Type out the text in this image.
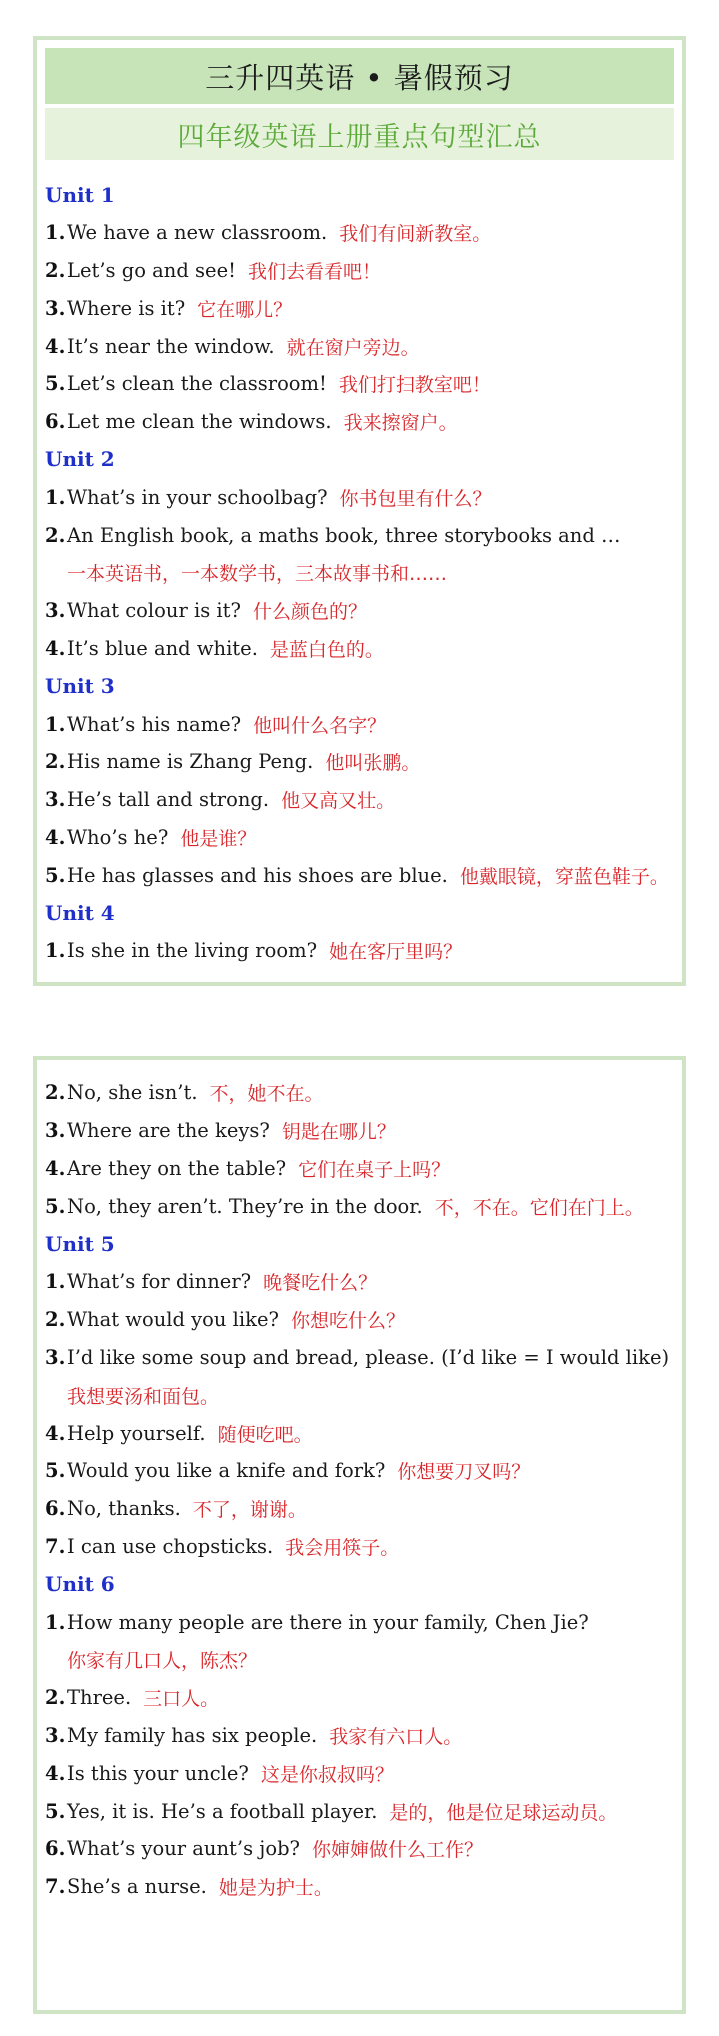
三升四英语 • 暑假预习
四年级英语上册重点句型汇总
Unit 1
1. We have a new classroom. 我们有间新教室。
2. Let’s go and see! 我们去看看吧！
3. Where is it? 它在哪儿？
4. It’s near the window. 就在窗户旁边。
5. Let’s clean the classroom! 我们打扫教室吧！
6. Let me clean the windows. 我来擦窗户。
Unit 2
1. What’s in your schoolbag? 你书包里有什么？
2. An English book, a maths book, three storybooks and …
一本英语书，一本数学书，三本故事书和……
3. What colour is it? 什么颜色的？
4. It’s blue and white. 是蓝白色的。
Unit 3
1. What’s his name? 他叫什么名字？
2. His name is Zhang Peng. 他叫张鹏。
3. He’s tall and strong. 他又高又壮。
4. Who’s he? 他是谁？
5. He has glasses and his shoes are blue. 他戴眼镜，穿蓝色鞋子。
Unit 4
1. Is she in the living room? 她在客厅里吗？
2. No, she isn’t. 不，她不在。
3. Where are the keys? 钥匙在哪儿？
4. Are they on the table? 它们在桌子上吗？
5. No, they aren’t. They’re in the door. 不，不在。它们在门上。
Unit 5
1. What’s for dinner? 晚餐吃什么？
2. What would you like? 你想吃什么？
3. I’d like some soup and bread, please. (I’d like = I would like)
我想要汤和面包。
4. Help yourself. 随便吃吧。
5. Would you like a knife and fork? 你想要刀叉吗？
6. No, thanks. 不了，谢谢。
7. I can use chopsticks. 我会用筷子。
Unit 6
1. How many people are there in your family, Chen Jie?
你家有几口人，陈杰？
2. Three. 三口人。
3. My family has six people. 我家有六口人。
4. Is this your uncle? 这是你叔叔吗？
5. Yes, it is. He’s a football player. 是的，他是位足球运动员。
6. What’s your aunt’s job? 你婶婶做什么工作？
7. She’s a nurse. 她是为护士。
